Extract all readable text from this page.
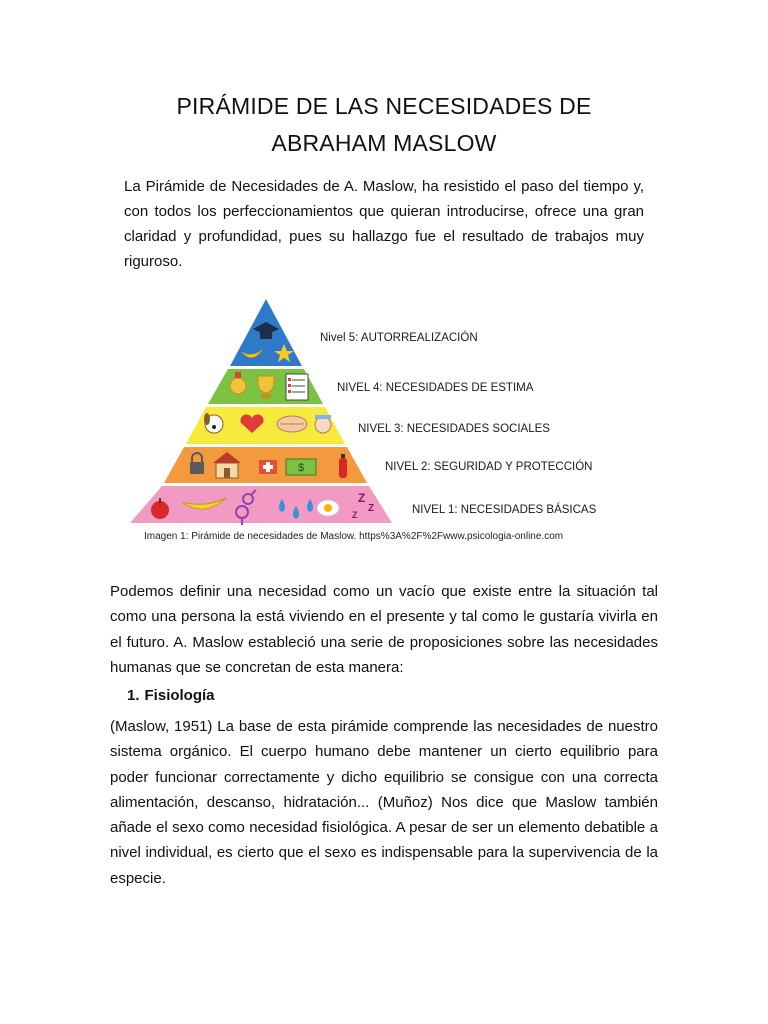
PIRÁMIDE DE LAS NECESIDADES DE
ABRAHAM MASLOW

La Pirámide de Necesidades de A. Maslow, ha resistido el paso del tiempo y, con todos los perfeccionamientos que quieran introducirse, ofrece una gran claridad y profundidad, pues su hallazgo fue el resultado de trabajos muy riguroso.

$
Z
Z
Z
Nivel 5: AUTORREALIZACIÓN
NIVEL 4: NECESIDADES DE ESTIMA
NIVEL 3: NECESIDADES SOCIALES
NIVEL 2: SEGURIDAD Y PROTECCIÓN
NIVEL 1: NECESIDADES BÁSICAS

Imagen 1: Pirámide de necesidades de Maslow. https%3A%2F%2Fwww.psicologia-online.com

Podemos definir una necesidad como un vacío que existe entre la situación tal como una persona la está viviendo en el presente y tal como le gustaría vivirla en el futuro. A. Maslow estableció una serie de proposiciones sobre las necesidades humanas que se concretan de esta manera:

1. Fisiología

(Maslow, 1951) La base de esta pirámide comprende las necesidades de nuestro sistema orgánico. El cuerpo humano debe mantener un cierto equilibrio para poder funcionar correctamente y dicho equilibrio se consigue con una correcta alimentación, descanso, hidratación... (Muñoz) Nos dice que Maslow también añade el sexo como necesidad fisiológica. A pesar de ser un elemento debatible a nivel individual, es cierto que el sexo es indispensable para la supervivencia de la especie.
